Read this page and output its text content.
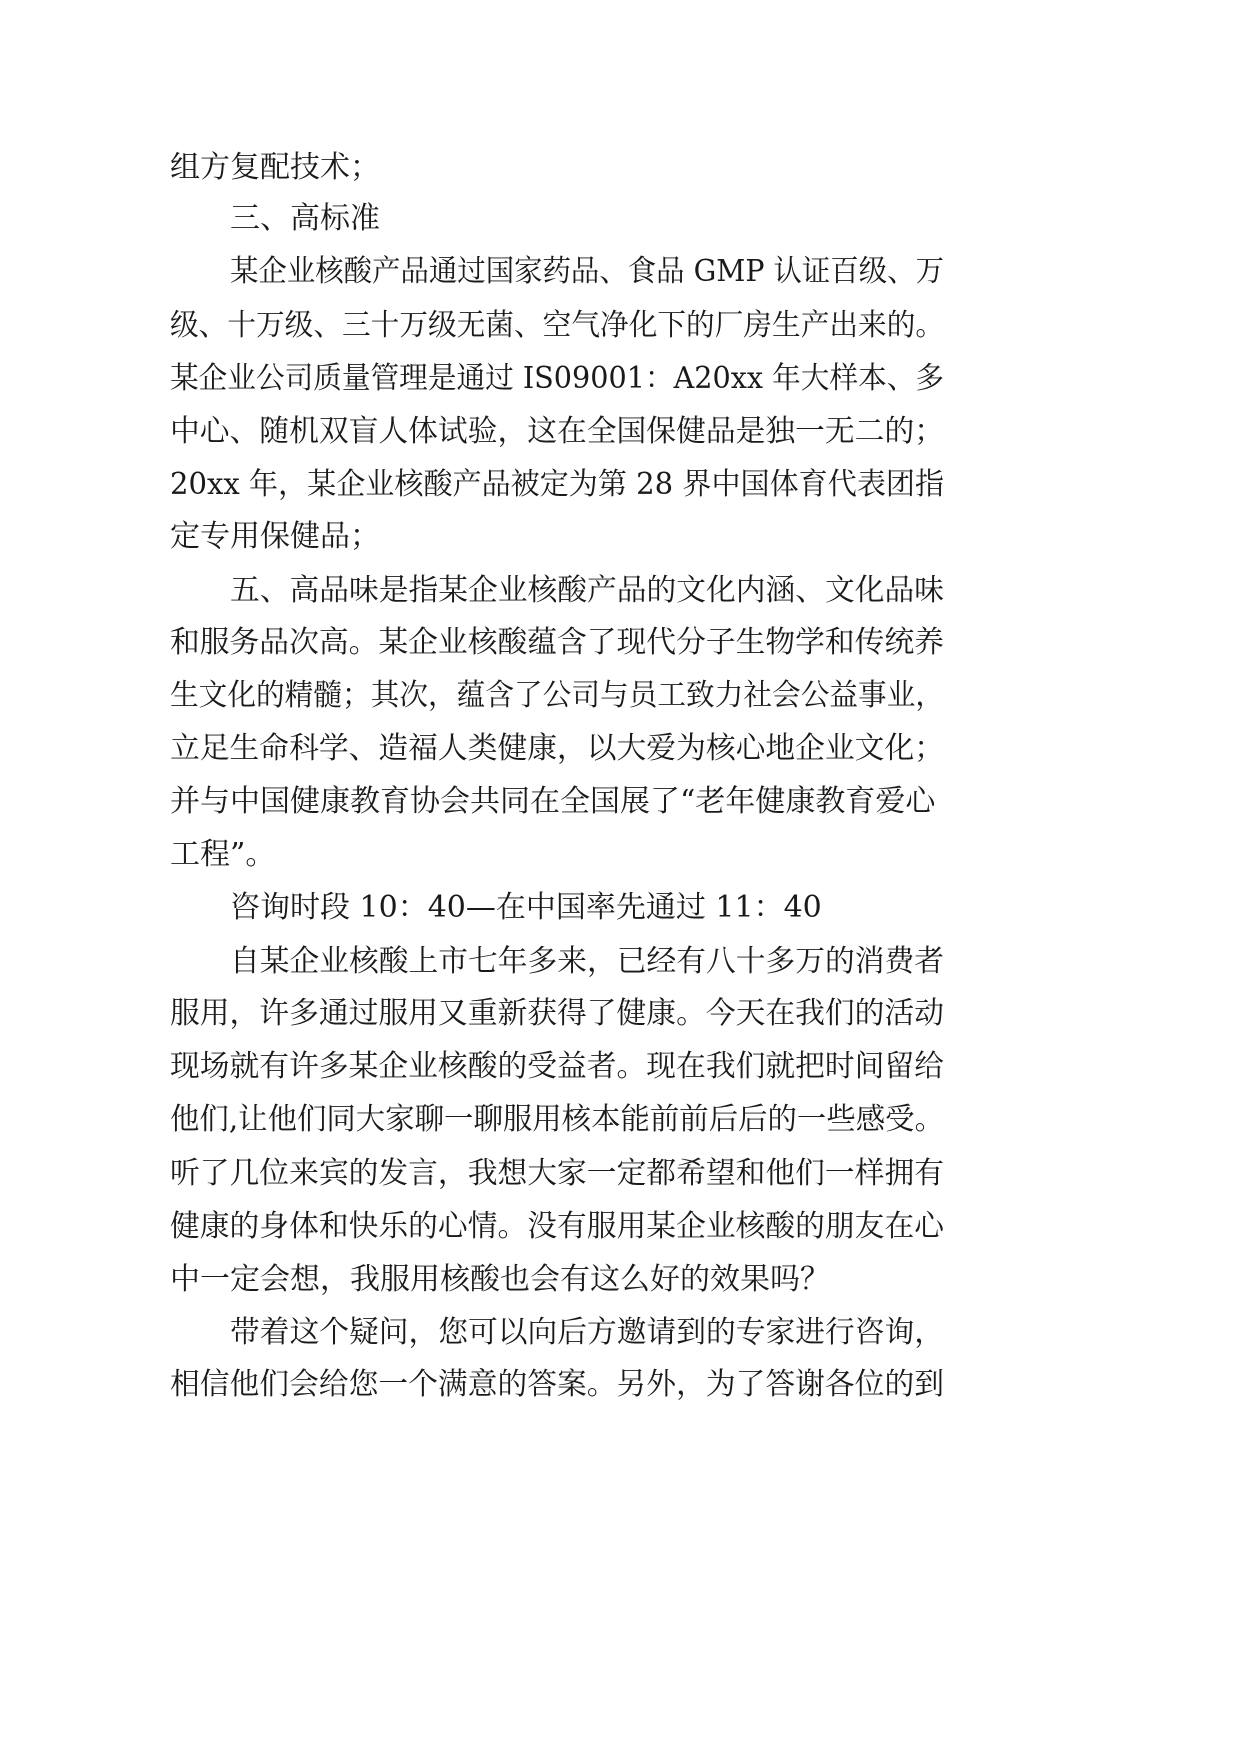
组方复配技术；
三、高标准
某企业核酸产品通过国家药品、食品 GMP 认证百级、万
级、十万级、三十万级无菌、空气净化下的厂房生产出来的。
某企业公司质量管理是通过 IS09001：A20xx 年大样本、多
中心、随机双盲人体试验，这在全国保健品是独一无二的；
20xx 年，某企业核酸产品被定为第 28 界中国体育代表团指
定专用保健品；
五、高品味是指某企业核酸产品的文化内涵、文化品味
和服务品次高。某企业核酸蕴含了现代分子生物学和传统养
生文化的精髓；其次，蕴含了公司与员工致力社会公益事业，
立足生命科学、造福人类健康，以大爱为核心地企业文化；
并与中国健康教育协会共同在全国展了“老年健康教育爱心
工程”。
咨询时段 10：40—在中国率先通过 11：40
自某企业核酸上市七年多来，已经有八十多万的消费者
服用，许多通过服用又重新获得了健康。今天在我们的活动
现场就有许多某企业核酸的受益者。现在我们就把时间留给
他们,让他们同大家聊一聊服用核本能前前后后的一些感受。
听了几位来宾的发言，我想大家一定都希望和他们一样拥有
健康的身体和快乐的心情。没有服用某企业核酸的朋友在心
中一定会想，我服用核酸也会有这么好的效果吗？
带着这个疑问，您可以向后方邀请到的专家进行咨询，
相信他们会给您一个满意的答案。另外，为了答谢各位的到
